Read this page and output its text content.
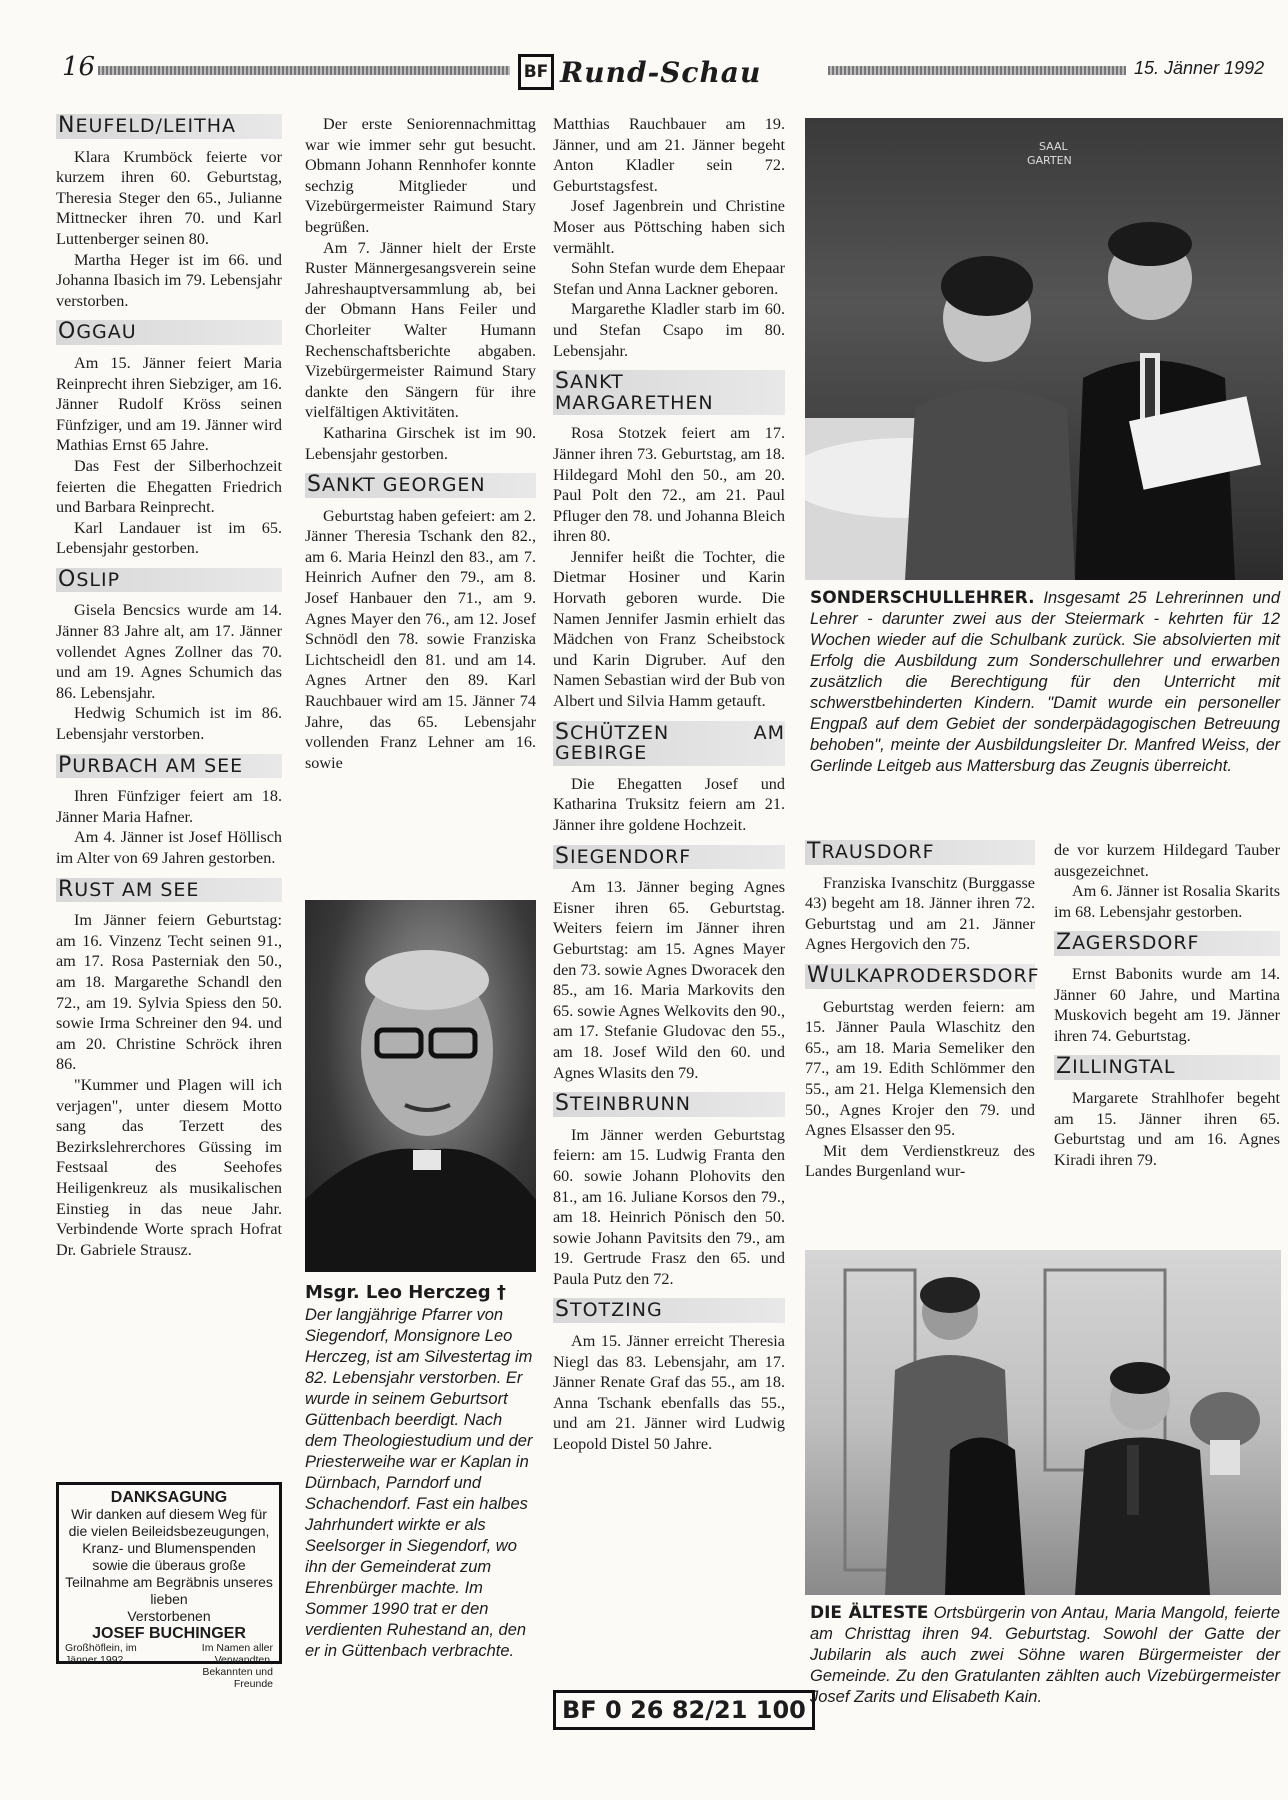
16	BF Rund-Schau	15. Jänner 1992
NEUFELD/LEITHA

Klara Krumböck feierte vor kurzem ihren 60. Geburtstag, Theresia Steger den 65., Julianne Mittnecker ihren 70. und Karl Luttenberger seinen 80.

Martha Heger ist im 66. und Johanna Ibasich im 79. Lebensjahr verstorben.

OGGAU

Am 15. Jänner feiert Maria Reinprecht ihren Siebziger, am 16. Jänner Rudolf Kröss seinen Fünfziger, und am 19. Jänner wird Mathias Ernst 65 Jahre.

Das Fest der Silberhochzeit feierten die Ehegatten Friedrich und Barbara Reinprecht.

Karl Landauer ist im 65. Lebensjahr gestorben.

OSLIP

Gisela Bencsics wurde am 14. Jänner 83 Jahre alt, am 17. Jänner vollendet Agnes Zollner das 70. und am 19. Agnes Schumich das 86. Lebensjahr.

Hedwig Schumich ist im 86. Lebensjahr verstorben.

PURBACH AM SEE

Ihren Fünfziger feiert am 18. Jänner Maria Hafner.

Am 4. Jänner ist Josef Höllisch im Alter von 69 Jahren gestorben.

RUST AM SEE

Im Jänner feiern Geburtstag: am 16. Vinzenz Techt seinen 91., am 17. Rosa Pasterniak den 50., am 18. Margarethe Schandl den 72., am 19. Sylvia Spiess den 50. sowie Irma Schreiner den 94. und am 20. Christine Schröck ihren 86.

"Kummer und Plagen will ich verjagen", unter diesem Motto sang das Terzett des Bezirkslehrerchores Güssing im Festsaal des Seehofes Heiligenkreuz als musikalischen Einstieg in das neue Jahr. Verbindende Worte sprach Hofrat Dr. Gabriele Strausz.

DANKSAGUNG
Wir danken auf diesem Weg für die vielen Beileidsbezeugungen, Kranz- und Blumenspenden sowie die überaus große Teilnahme am Begräbnis unseres lieben
Verstorbenen
JOSEF BUCHINGER
Großhöflein, im Jänner 1992
Im Namen aller Verwandten, Bekannten und Freunde

Der erste Seniorennachmittag war wie immer sehr gut besucht. Obmann Johann Rennhofer konnte sechzig Mitglieder und Vizebürgermeister Raimund Stary begrüßen.

Am 7. Jänner hielt der Erste Ruster Männergesangsverein seine Jahreshauptversammlung ab, bei der Obmann Hans Feiler und Chorleiter Walter Humann Rechenschaftsberichte abgaben. Vizebürgermeister Raimund Stary dankte den Sängern für ihre vielfältigen Aktivitäten.

Katharina Girschek ist im 90. Lebensjahr gestorben.

SANKT GEORGEN

Geburtstag haben gefeiert: am 2. Jänner Theresia Tschank den 82., am 6. Maria Heinzl den 83., am 7. Heinrich Aufner den 79., am 8. Josef Hanbauer den 71., am 9. Agnes Mayer den 76., am 12. Josef Schnödl den 78. sowie Franziska Lichtscheidl den 81. und am 14. Agnes Artner den 89. Karl Rauchbauer wird am 15. Jänner 74 Jahre, das 65. Lebensjahr vollenden Franz Lehner am 16. sowie

Msgr. Leo Herczeg †
Der langjährige Pfarrer von Siegendorf, Monsignore Leo Herczeg, ist am Silvestertag im 82. Lebensjahr verstorben. Er wurde in seinem Geburtsort Güttenbach beerdigt. Nach dem Theologiestudium und der Priesterweihe war er Kaplan in Dürnbach, Parndorf und Schachendorf. Fast ein halbes Jahrhundert wirkte er als Seelsorger in Siegendorf, wo ihn der Gemeinderat zum Ehrenbürger machte. Im Sommer 1990 trat er den verdienten Ruhestand an, den er in Güttenbach verbrachte.

Matthias Rauchbauer am 19. Jänner, und am 21. Jänner begeht Anton Kladler sein 72. Geburtstagsfest.

Josef Jagenbrein und Christine Moser aus Pöttsching haben sich vermählt.

Sohn Stefan wurde dem Ehepaar Stefan und Anna Lackner geboren.

Margarethe Kladler starb im 60. und Stefan Csapo im 80. Lebensjahr.

SANKT MARGARETHEN

Rosa Stotzek feiert am 17. Jänner ihren 73. Geburtstag, am 18. Hildegard Mohl den 50., am 20. Paul Polt den 72., am 21. Paul Pfluger den 78. und Johanna Bleich ihren 80.

Jennifer heißt die Tochter, die Dietmar Hosiner und Karin Horvath geboren wurde. Die Namen Jennifer Jasmin erhielt das Mädchen von Franz Scheibstock und Karin Digruber. Auf den Namen Sebastian wird der Bub von Albert und Silvia Hamm getauft.

SCHÜTZEN AM GEBIRGE

Die Ehegatten Josef und Katharina Truksitz feiern am 21. Jänner ihre goldene Hochzeit.

SIEGENDORF

Am 13. Jänner beging Agnes Eisner ihren 65. Geburtstag. Weiters feiern im Jänner ihren Geburtstag: am 15. Agnes Mayer den 73. sowie Agnes Dworacek den 85., am 16. Maria Markovits den 65. sowie Agnes Welkovits den 90., am 17. Stefanie Gludovac den 55., am 18. Josef Wild den 60. und Agnes Wlasits den 79.

STEINBRUNN

Im Jänner werden Geburtstag feiern: am 15. Ludwig Franta den 60. sowie Johann Plohovits den 81., am 16. Juliane Korsos den 79., am 18. Heinrich Pönisch den 50. sowie Johann Pavitsits den 79., am 19. Gertrude Frasz den 65. und Paula Putz den 72.

STOTZING

Am 15. Jänner erreicht Theresia Niegl das 83. Lebensjahr, am 17. Jänner Renate Graf das 55., am 18. Anna Tschank ebenfalls das 55., und am 21. Jänner wird Ludwig Leopold Distel 50 Jahre.

BF 0 26 82/21 100
SAAL
GARTEN
SONDERSCHULLEHRER. Insgesamt 25 Lehrerinnen und Lehrer - darunter zwei aus der Steiermark - kehrten für 12 Wochen wieder auf die Schulbank zurück. Sie absolvierten mit Erfolg die Ausbildung zum Sonderschullehrer und erwarben zusätzlich die Berechtigung für den Unterricht mit schwerstbehinderten Kindern. "Damit wurde ein personeller Engpaß auf dem Gebiet der sonderpädagogischen Betreuung behoben", meinte der Ausbildungsleiter Dr. Manfred Weiss, der Gerlinde Leitgeb aus Mattersburg das Zeugnis überreicht.
TRAUSDORF

Franziska Ivanschitz (Burggasse 43) begeht am 18. Jänner ihren 72. Geburtstag und am 21. Jänner Agnes Hergovich den 75.

WULKAPRODERSDORF

Geburtstag werden feiern: am 15. Jänner Paula Wlaschitz den 65., am 18. Maria Semeliker den 77., am 19. Edith Schlömmer den 55., am 21. Helga Klemensich den 50., Agnes Krojer den 79. und Agnes Elsasser den 95.

Mit dem Verdienstkreuz des Landes Burgenland wur-

de vor kurzem Hildegard Tauber ausgezeichnet.

Am 6. Jänner ist Rosalia Skarits im 68. Lebensjahr gestorben.

ZAGERSDORF

Ernst Babonits wurde am 14. Jänner 60 Jahre, und Martina Muskovich begeht am 19. Jänner ihren 74. Geburtstag.

ZILLINGTAL

Margarete Strahlhofer begeht am 15. Jänner ihren 65. Geburtstag und am 16. Agnes Kiradi ihren 79.

DIE ÄLTESTE Ortsbürgerin von Antau, Maria Mangold, feierte am Christtag ihren 94. Geburtstag. Sowohl der Gatte der Jubilarin als auch zwei Söhne waren Bürgermeister der Gemeinde. Zu den Gratulanten zählten auch Vizebürgermeister Josef Zarits und Elisabeth Kain.
